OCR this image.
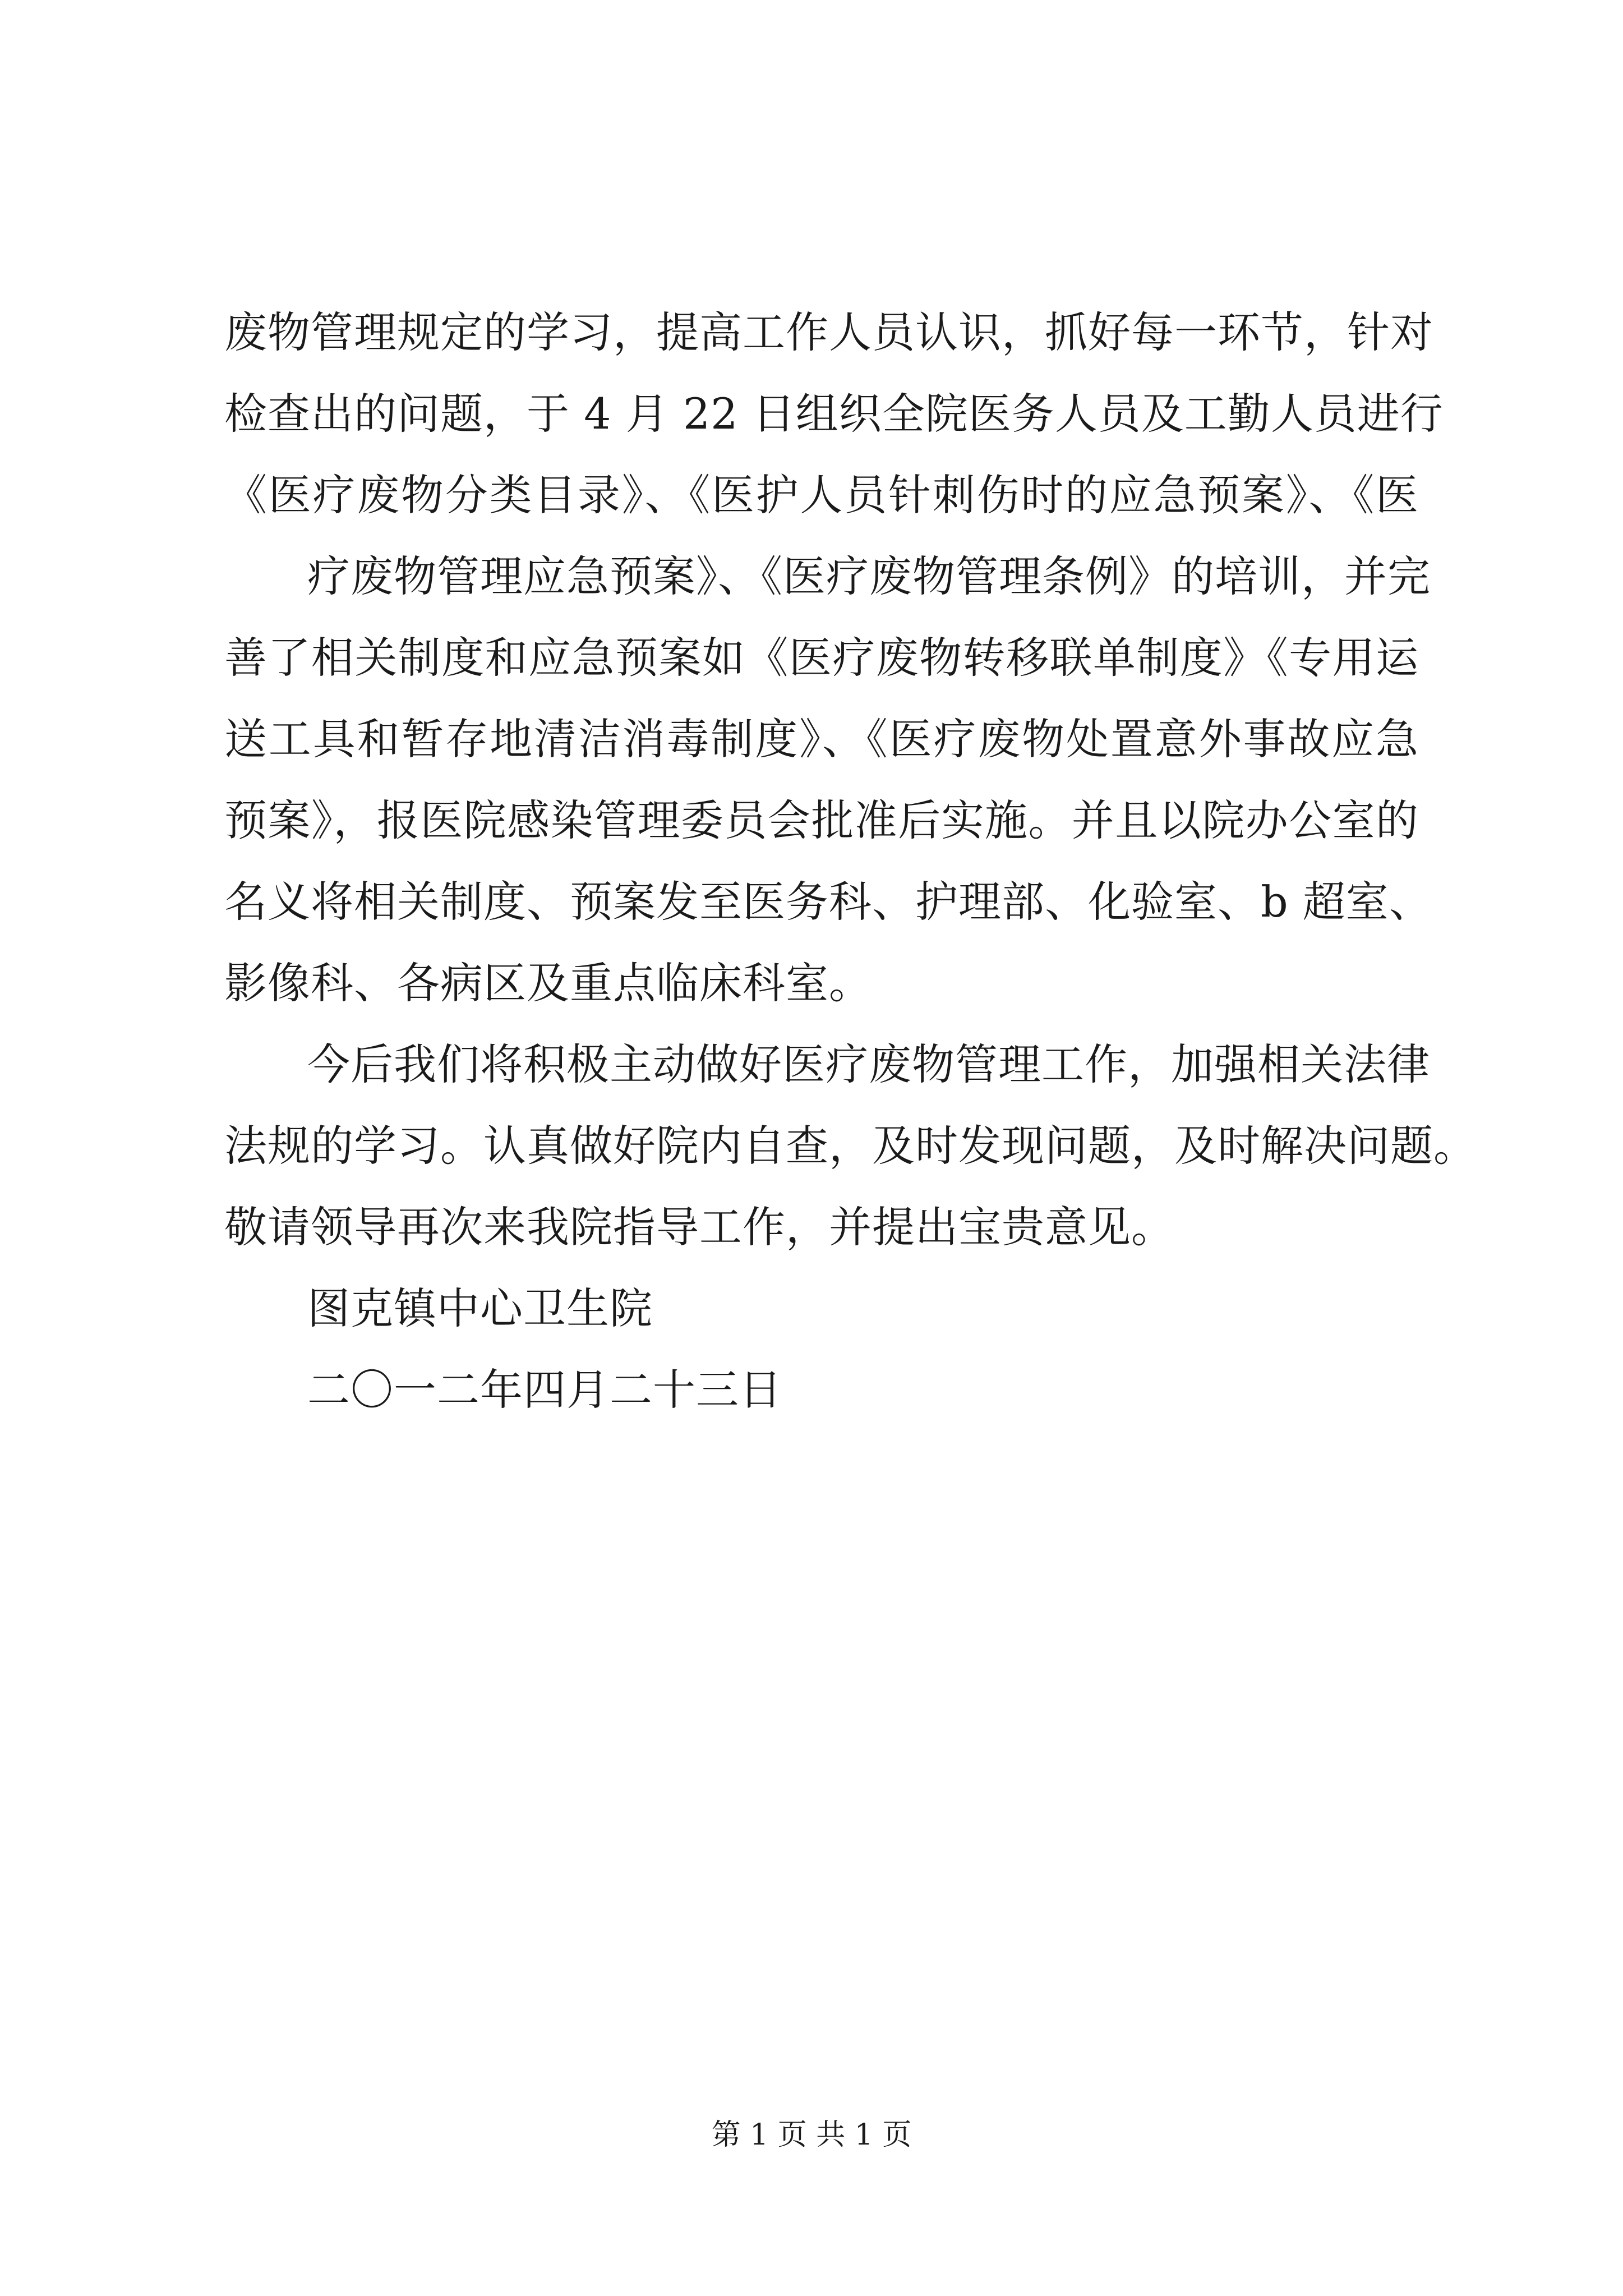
废物管理规定的学习，提高工作人员认识，抓好每一环节，针对
检查出的问题，于 4 月 22 日组织全院医务人员及工勤人员进行
《医疗废物分类目录》、《医护人员针刺伤时的应急预案》、《医
疗废物管理应急预案》、《医疗废物管理条例》的培训，并完
善了相关制度和应急预案如《医疗废物转移联单制度》《专用运
送工具和暂存地清洁消毒制度》、《医疗废物处置意外事故应急
预案》，报医院感染管理委员会批准后实施。并且以院办公室的
名义将相关制度、预案发至医务科、护理部、化验室、b 超室、
影像科、各病区及重点临床科室。
今后我们将积极主动做好医疗废物管理工作，加强相关法律
法规的学习。认真做好院内自查，及时发现问题，及时解决问题。
敬请领导再次来我院指导工作，并提出宝贵意见。
图克镇中心卫生院
二〇一二年四月二十三日
第 1 页 共 1 页
